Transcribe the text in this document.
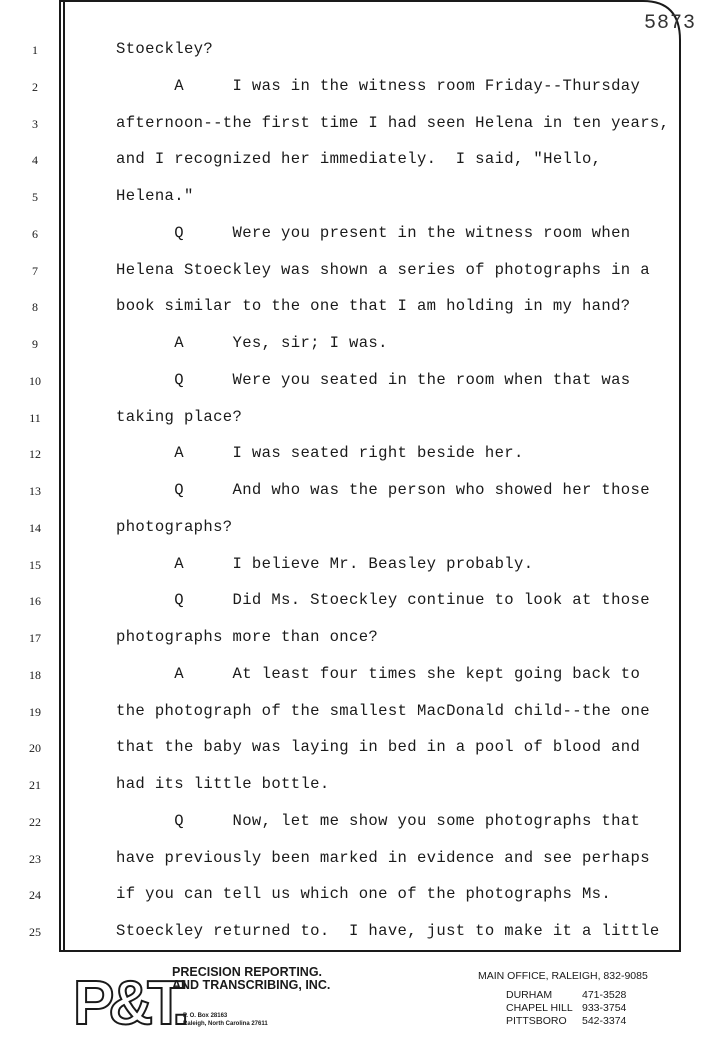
5873
1	Stoeckley?
2	A     I was in the witness room Friday--Thursday
3	afternoon--the first time I had seen Helena in ten years,
4	and I recognized her immediately.  I said, "Hello,
5	Helena."
6	Q     Were you present in the witness room when
7	Helena Stoeckley was shown a series of photographs in a
8	book similar to the one that I am holding in my hand?
9	A     Yes, sir; I was.
10	Q     Were you seated in the room when that was
11	taking place?
12	A     I was seated right beside her.
13	Q     And who was the person who showed her those
14	photographs?
15	A     I believe Mr. Beasley probably.
16	Q     Did Ms. Stoeckley continue to look at those
17	photographs more than once?
18	A     At least four times she kept going back to
19	the photograph of the smallest MacDonald child--the one
20	that the baby was laying in bed in a pool of blood and
21	had its little bottle.
22	Q     Now, let me show you some photographs that
23	have previously been marked in evidence and see perhaps
24	if you can tell us which one of the photographs Ms.
25	Stoeckley returned to.  I have, just to make it a little
P&T.
PRECISION REPORTING.
AND TRANSCRIBING, INC.
P. O. Box 28163
Raleigh, North Carolina 27611
MAIN OFFICE, RALEIGH, 832-9085
DURHAM	471-3528
CHAPEL HILL 933-3754
PITTSBORO 542-3374
